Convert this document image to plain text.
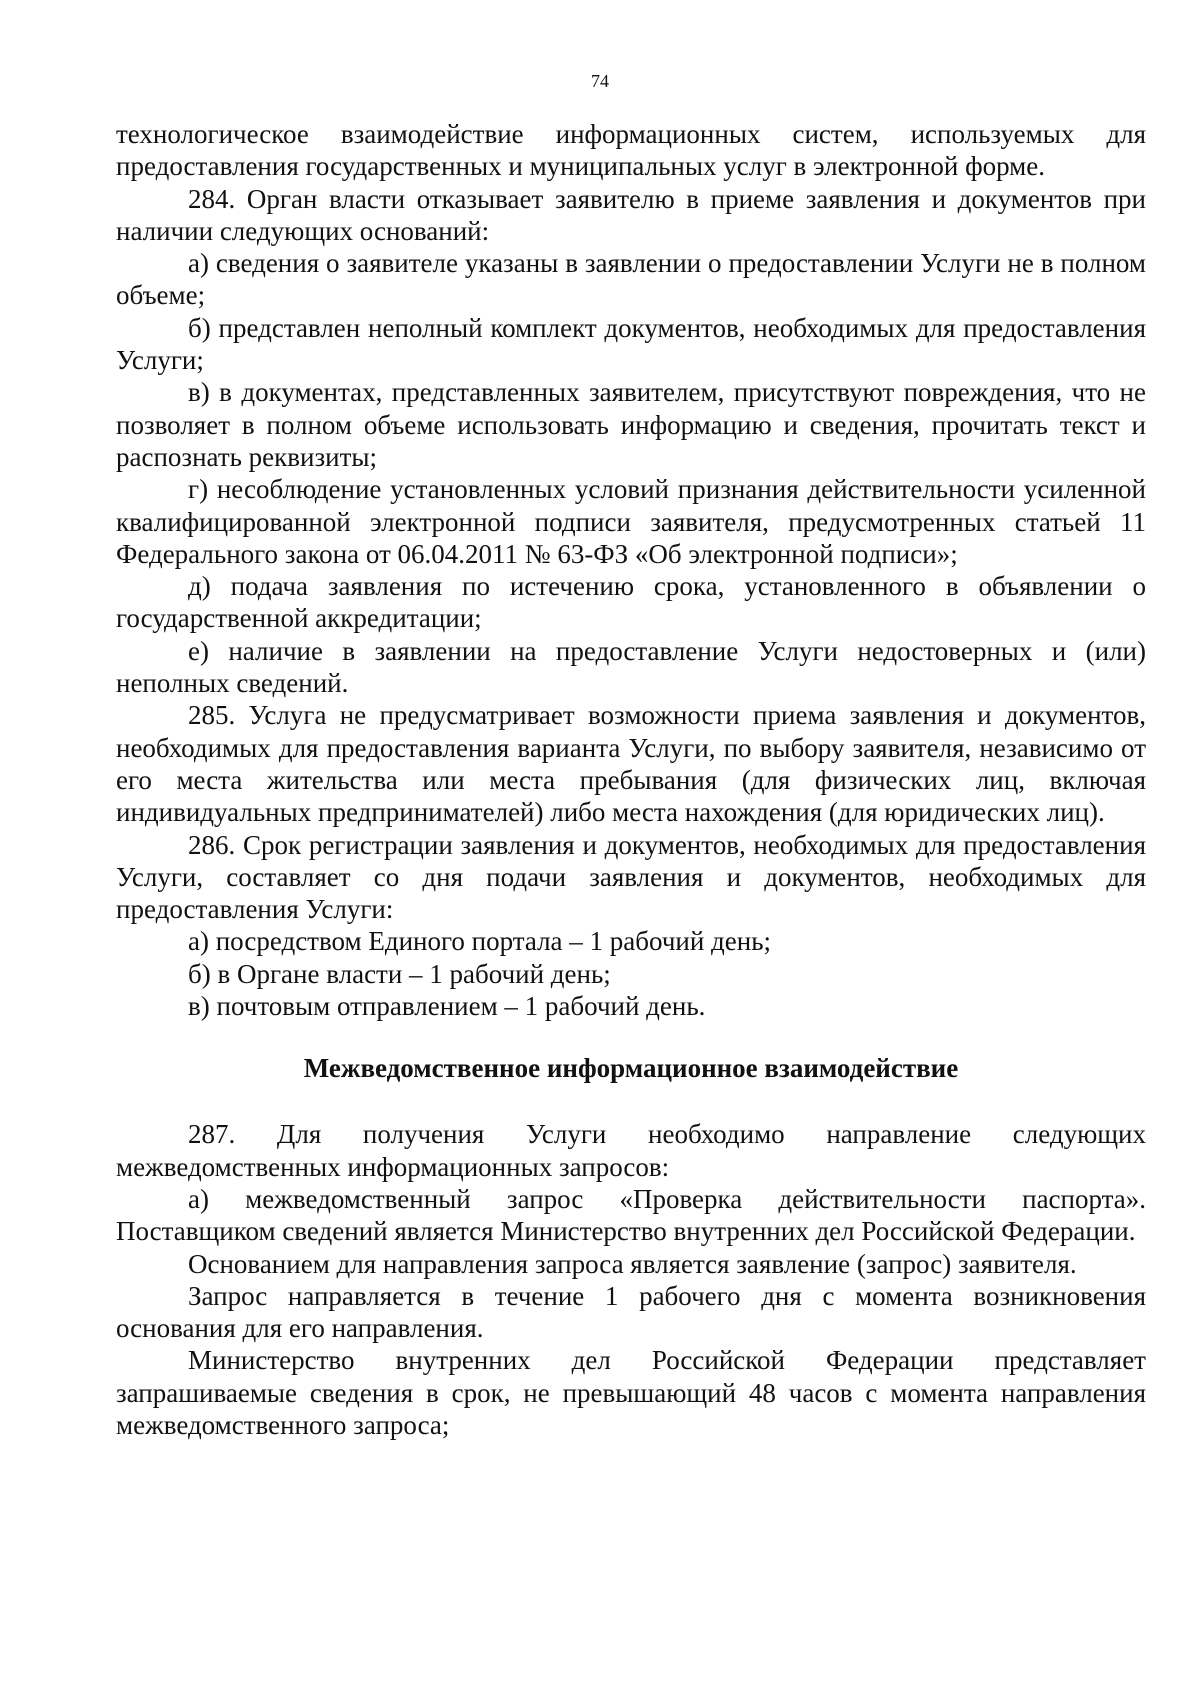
74

технологическое взаимодействие информационных систем, используемых для предоставления государственных и муниципальных услуг в электронной форме.

284. Орган власти отказывает заявителю в приеме заявления и документов при наличии следующих оснований:

а) сведения о заявителе указаны в заявлении о предоставлении Услуги не в полном объеме;

б) представлен неполный комплект документов, необходимых для предоставления Услуги;

в) в документах, представленных заявителем, присутствуют повреждения, что не позволяет в полном объеме использовать информацию и сведения, прочитать текст и распознать реквизиты;

г) несоблюдение установленных условий признания действительности усиленной квалифицированной электронной подписи заявителя, предусмотренных статьей 11 Федерального закона от 06.04.2011 № 63-ФЗ «Об электронной подписи»;

д) подача заявления по истечению срока, установленного в объявлении о государственной аккредитации;

е) наличие в заявлении на предоставление Услуги недостоверных и (или) неполных сведений.

285. Услуга не предусматривает возможности приема заявления и документов, необходимых для предоставления варианта Услуги, по выбору заявителя, независимо от его места жительства или места пребывания (для физических лиц, включая индивидуальных предпринимателей) либо места нахождения (для юридических лиц).

286. Срок регистрации заявления и документов, необходимых для предоставления Услуги, составляет со дня подачи заявления и документов, необходимых для предоставления Услуги:

а) посредством Единого портала – 1 рабочий день;

б) в Органе власти – 1 рабочий день;

в) почтовым отправлением – 1 рабочий день.

Межведомственное информационное взаимодействие

287. Для получения Услуги необходимо направление следующих межведомственных информационных запросов:

а) межведомственный запрос «Проверка действительности паспорта». Поставщиком сведений является Министерство внутренних дел Российской Федерации.

Основанием для направления запроса является заявление (запрос) заявителя.

Запрос направляется в течение 1 рабочего дня с момента возникновения основания для его направления.

Министерство внутренних дел Российской Федерации представляет запрашиваемые сведения в срок, не превышающий 48 часов с момента направления межведомственного запроса;
